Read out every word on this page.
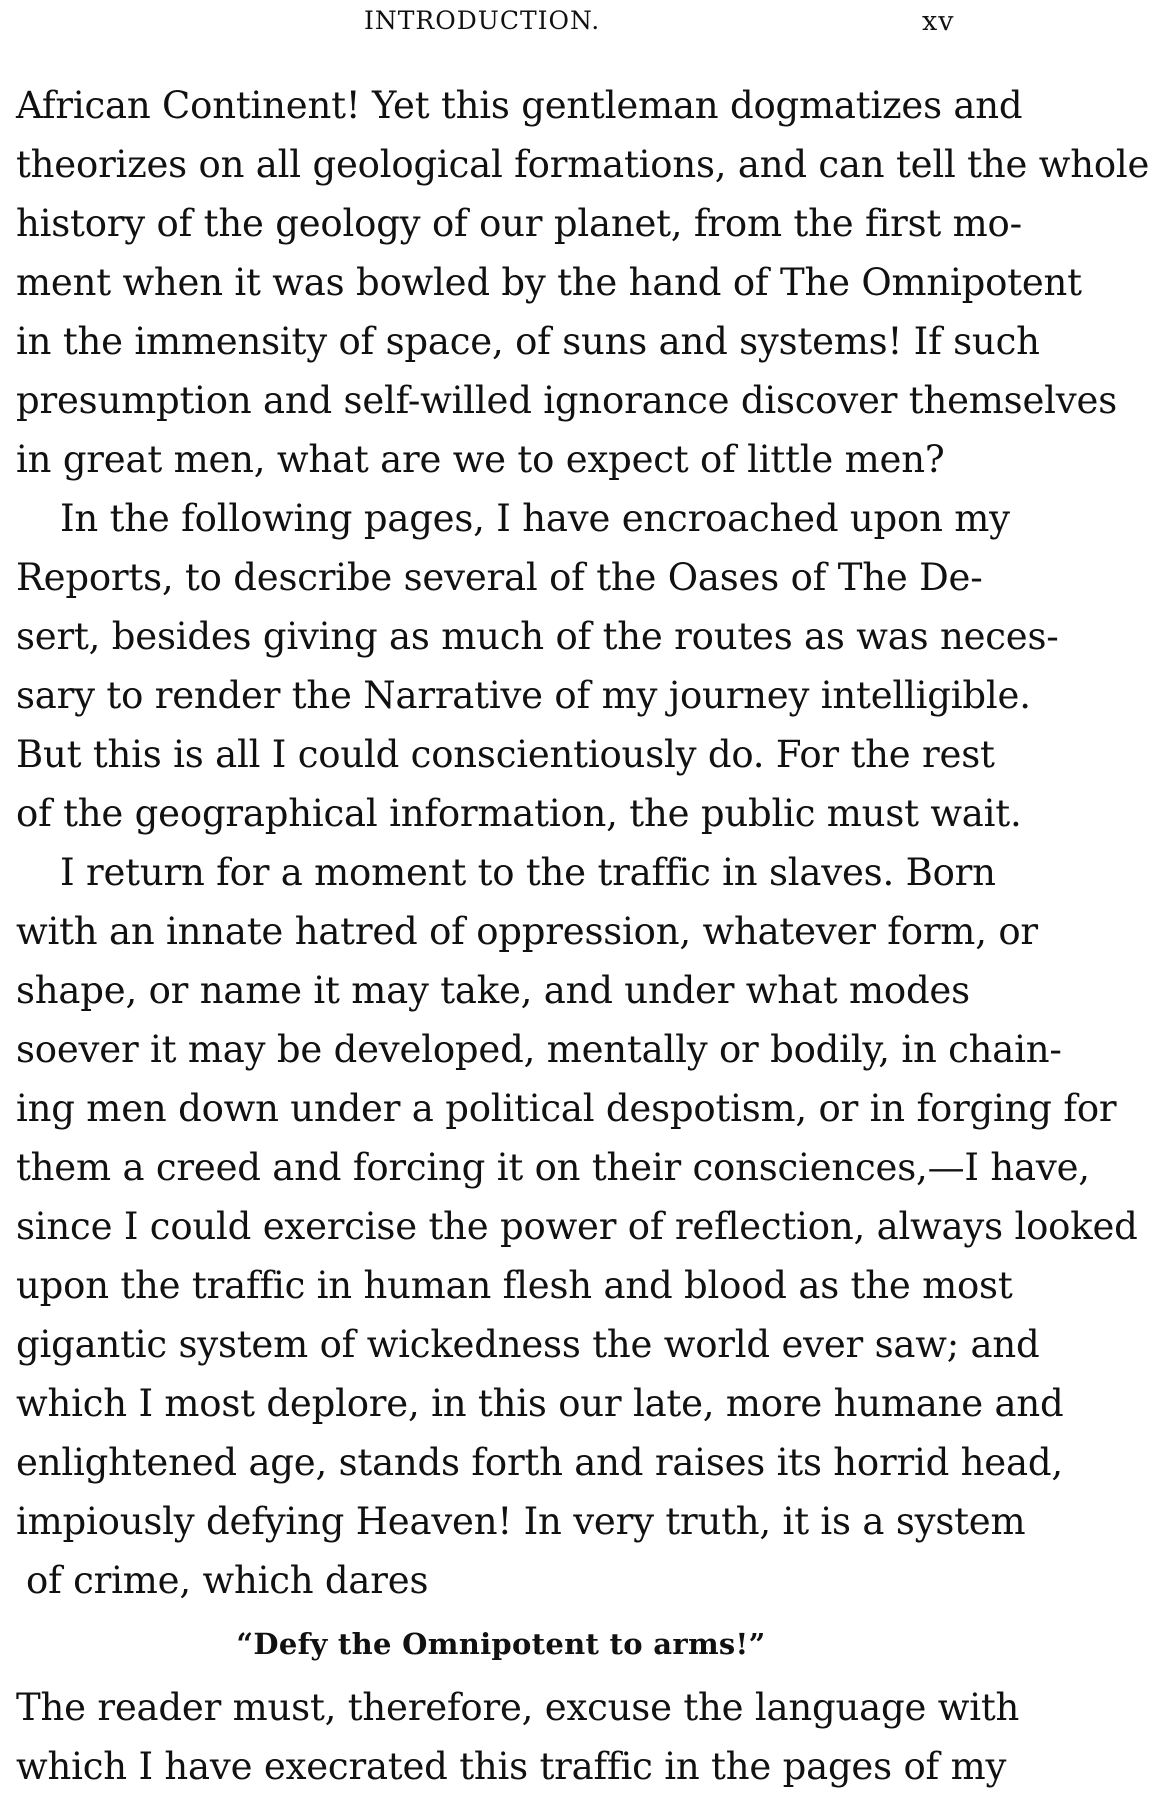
INTRODUCTION.	xv
African Continent! Yet this gentleman dogmatizes and
theorizes on all geological formations, and can tell the whole
history of the geology of our planet, from the first mo-
ment when it was bowled by the hand of The Omnipotent
in the immensity of space, of suns and systems! If such
presumption and self-willed ignorance discover themselves
in great men, what are we to expect of little men?
In the following pages, I have encroached upon my
Reports, to describe several of the Oases of The De-
sert, besides giving as much of the routes as was neces-
sary to render the Narrative of my journey intelligible.
But this is all I could conscientiously do. For the rest
of the geographical information, the public must wait.
I return for a moment to the traffic in slaves. Born
with an innate hatred of oppression, whatever form, or
shape, or name it may take, and under what modes
soever it may be developed, mentally or bodily, in chain-
ing men down under a political despotism, or in forging for
them a creed and forcing it on their consciences,—I have,
since I could exercise the power of reflection, always looked
upon the traffic in human flesh and blood as the most
gigantic system of wickedness the world ever saw; and
which I most deplore, in this our late, more humane and
enlightened age, stands forth and raises its horrid head,
impiously defying Heaven! In very truth, it is a system
of crime, which dares
“Defy the Omnipotent to arms!”
The reader must, therefore, excuse the language with
which I have execrated this traffic in the pages of my
